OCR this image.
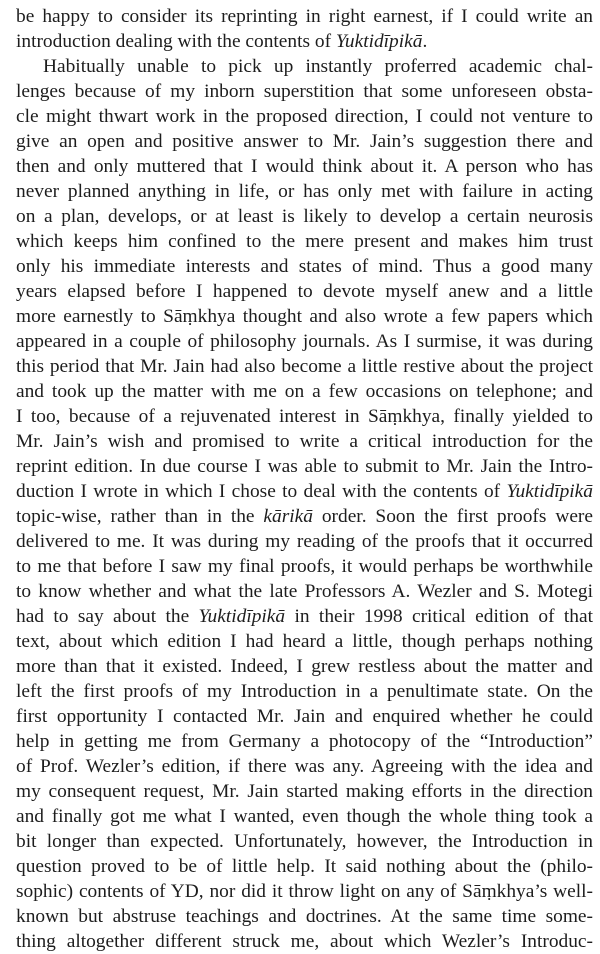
be happy to consider its reprinting in right earnest, if I could write an
introduction dealing with the contents of Yuktidīpikā.
Habitually unable to pick up instantly proferred academic chal-
lenges because of my inborn superstition that some unforeseen obsta-
cle might thwart work in the proposed direction, I could not venture to
give an open and positive answer to Mr. Jain’s suggestion there and
then and only muttered that I would think about it. A person who has
never planned anything in life, or has only met with failure in acting
on a plan, develops, or at least is likely to develop a certain neurosis
which keeps him confined to the mere present and makes him trust
only his immediate interests and states of mind. Thus a good many
years elapsed before I happened to devote myself anew and a little
more earnestly to Sāṃkhya thought and also wrote a few papers which
appeared in a couple of philosophy journals. As I surmise, it was during
this period that Mr. Jain had also become a little restive about the project
and took up the matter with me on a few occasions on telephone; and
I too, because of a rejuvenated interest in Sāṃkhya, finally yielded to
Mr. Jain’s wish and promised to write a critical introduction for the
reprint edition. In due course I was able to submit to Mr. Jain the Intro-
duction I wrote in which I chose to deal with the contents of Yuktidīpikā
topic-wise, rather than in the kārikā order. Soon the first proofs were
delivered to me. It was during my reading of the proofs that it occurred
to me that before I saw my final proofs, it would perhaps be worthwhile
to know whether and what the late Professors A. Wezler and S. Motegi
had to say about the Yuktidīpikā in their 1998 critical edition of that
text, about which edition I had heard a little, though perhaps nothing
more than that it existed. Indeed, I grew restless about the matter and
left the first proofs of my Introduction in a penultimate state. On the
first opportunity I contacted Mr. Jain and enquired whether he could
help in getting me from Germany a photocopy of the “Introduction”
of Prof. Wezler’s edition, if there was any. Agreeing with the idea and
my consequent request, Mr. Jain started making efforts in the direction
and finally got me what I wanted, even though the whole thing took a
bit longer than expected. Unfortunately, however, the Introduction in
question proved to be of little help. It said nothing about the (philo-
sophic) contents of YD, nor did it throw light on any of Sāṃkhya’s well-
known but abstruse teachings and doctrines. At the same time some-
thing altogether different struck me, about which Wezler’s Introduc-
